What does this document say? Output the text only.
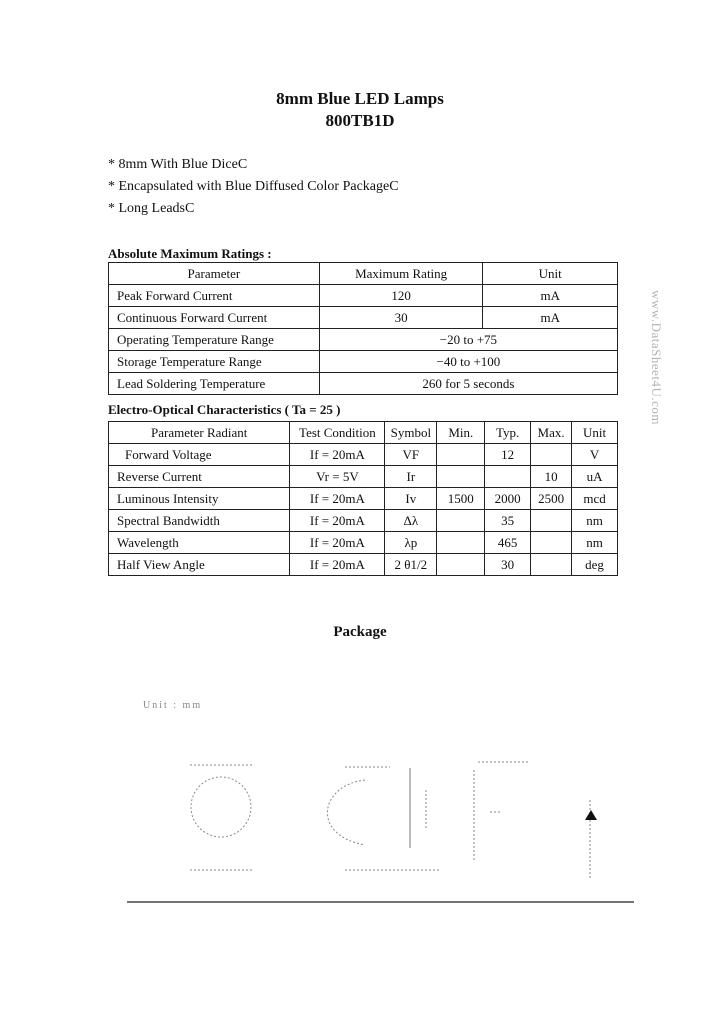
8mm Blue LED Lamps
800TB1D
* 8mm With Blue DiceC
* Encapsulated with Blue Diffused Color PackageC
* Long LeadsC
Absolute Maximum Ratings :
Parameter	Maximum Rating	Unit
Peak Forward Current	120	mA
Continuous Forward Current	30	mA
Operating Temperature Range	−20 to +75	
Storage Temperature Range	−40 to +100	
Lead Soldering Temperature	260 for 5 seconds	
Electro-Optical Characteristics ( Ta = 25 )
Parameter Radiant	Test Condition	Symbol	Min.	Typ.	Max.	Unit
Forward Voltage	If = 20mA	VF		12		V
Reverse Current	Vr = 5V	Ir			10	uA
Luminous Intensity	If = 20mA	Iv	1500	2000	2500	mcd
Spectral Bandwidth	If = 20mA	Δλ		35		nm
Wavelength	If = 20mA	λp		465		nm
Half View Angle	If = 20mA	2 θ1/2		30		deg
Package
Unit : mm
www.DataSheet4U.com
